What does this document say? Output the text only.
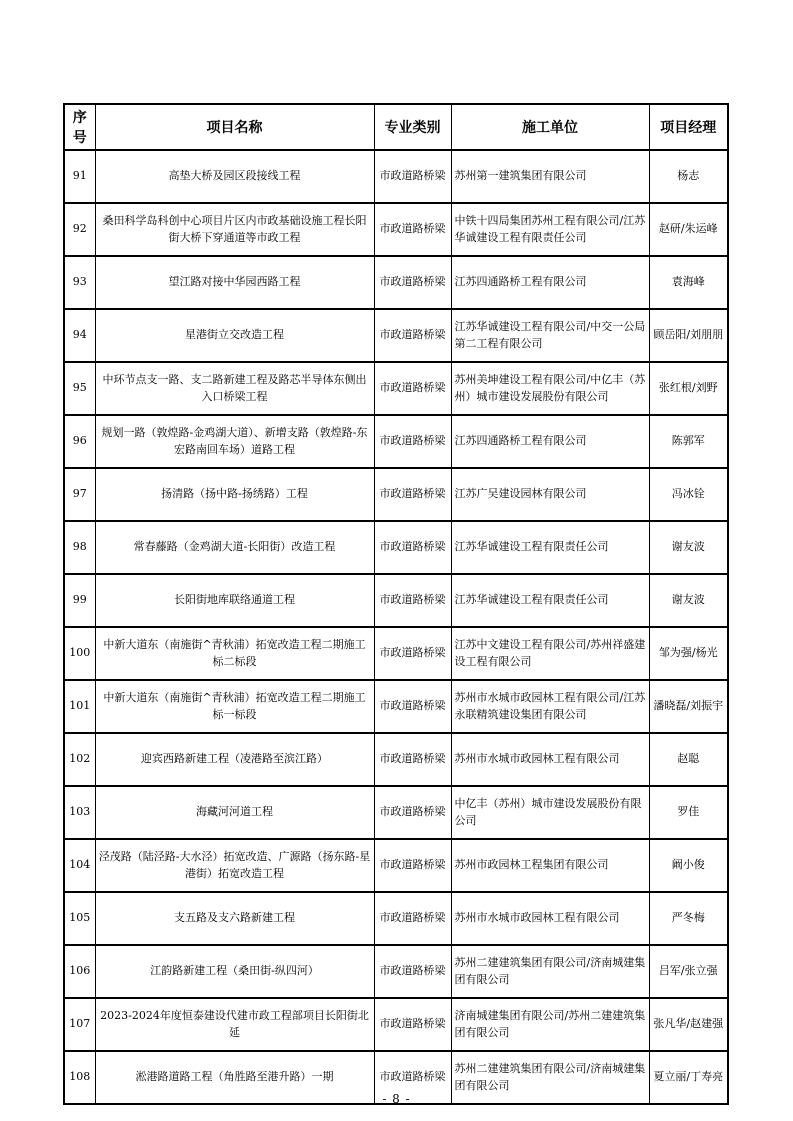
序号	项目名称	专业类别	施工单位	项目经理
91	高垫大桥及园区段接线工程	市政道路桥梁	苏州第一建筑集团有限公司	杨志
92	桑田科学岛科创中心项目片区内市政基础设施工程长阳街大桥下穿通道等市政工程	市政道路桥梁	中铁十四局集团苏州工程有限公司/江苏华诚建设工程有限责任公司	赵研/朱运峰
93	望江路对接中华园西路工程	市政道路桥梁	江苏四通路桥工程有限公司	袁海峰
94	星港街立交改造工程	市政道路桥梁	江苏华诚建设工程有限公司/中交一公局第二工程有限公司	顾岳阳/刘朋朋
95	中环节点支一路、支二路新建工程及路芯半导体东侧出入口桥梁工程	市政道路桥梁	苏州美坤建设工程有限公司/中亿丰（苏州）城市建设发展股份有限公司	张红根/刘野
96	规划一路（敦煌路-金鸡湖大道）、新增支路（敦煌路-东宏路南回车场）道路工程	市政道路桥梁	江苏四通路桥工程有限公司	陈郭军
97	扬清路（扬中路-扬绣路）工程	市政道路桥梁	江苏广吴建设园林有限公司	冯冰铨
98	常春藤路（金鸡湖大道-长阳街）改造工程	市政道路桥梁	江苏华诚建设工程有限责任公司	谢友波
99	长阳街地库联络通道工程	市政道路桥梁	江苏华诚建设工程有限责任公司	谢友波
100	中新大道东（南施街^青秋浦）拓宽改造工程二期施工标二标段	市政道路桥梁	江苏中文建设工程有限公司/苏州祥盛建设工程有限公司	邹为强/杨光
101	中新大道东（南施街^青秋浦）拓宽改造工程二期施工标一标段	市政道路桥梁	苏州市水城市政园林工程有限公司/江苏永联精筑建设集团有限公司	潘晓磊/刘振宇
102	迎宾西路新建工程（凌港路至滨江路）	市政道路桥梁	苏州市水城市政园林工程有限公司	赵聪
103	海藏河河道工程	市政道路桥梁	中亿丰（苏州）城市建设发展股份有限公司	罗佳
104	泾茂路（陆泾路-大水泾）拓宽改造、广源路（扬东路-星港街）拓宽改造工程	市政道路桥梁	苏州市政园林工程集团有限公司	阚小俊
105	支五路及支六路新建工程	市政道路桥梁	苏州市水城市政园林工程有限公司	严冬梅
106	江韵路新建工程（桑田街-纵四河）	市政道路桥梁	苏州二建建筑集团有限公司/济南城建集团有限公司	吕军/张立强
107	2023-2024年度恒泰建设代建市政工程部项目长阳街北延	市政道路桥梁	济南城建集团有限公司/苏州二建建筑集团有限公司	张凡华/赵建强
108	淞港路道路工程（角胜路至港升路）一期	市政道路桥梁	苏州二建建筑集团有限公司/济南城建集团有限公司	夏立丽/丁寿亮
- 8 -
